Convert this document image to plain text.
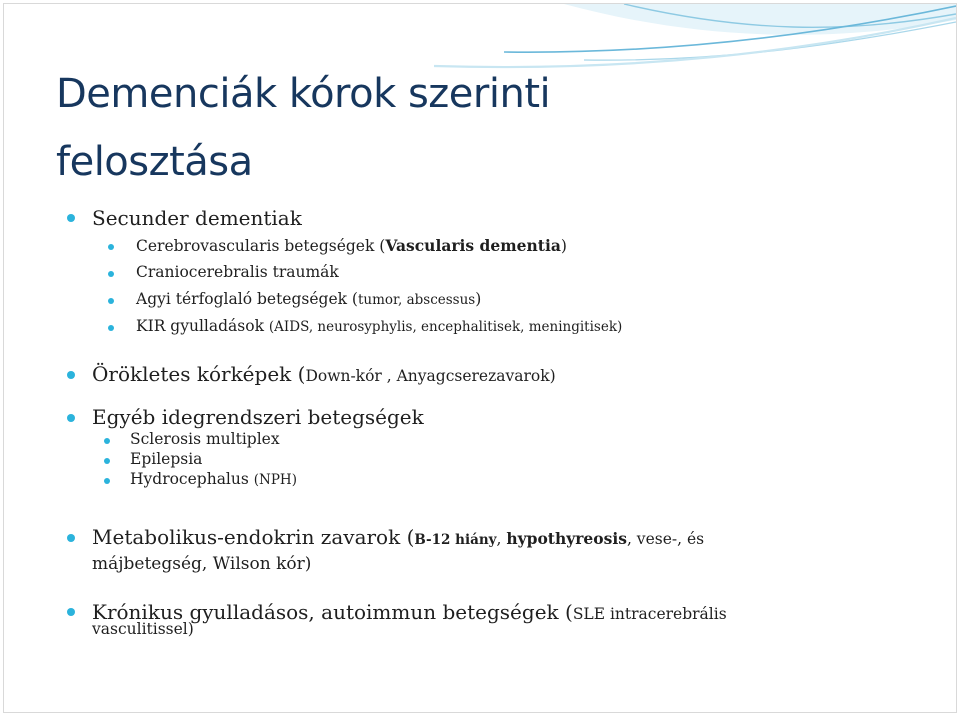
Demenciák kórok szerinti
felosztása
Secunder dementiak
Cerebrovascularis betegségek (Vascularis dementia)
Craniocerebralis traumák
Agyi térfoglaló betegségek (tumor, abscessus)
KIR gyulladások (AIDS, neurosyphylis, encephalitisek, meningitisek)
Örökletes kórképek (Down-kór , Anyagcserezavarok)
Egyéb idegrendszeri betegségek
Sclerosis multiplex
Epilepsia
Hydrocephalus (NPH)
Metabolikus-endokrin zavarok (B-12 hiány, hypothyreosis, vese-, és
májbetegség, Wilson kór)
Krónikus gyulladásos, autoimmun betegségek (SLE intracerebrális
vasculitissel)
